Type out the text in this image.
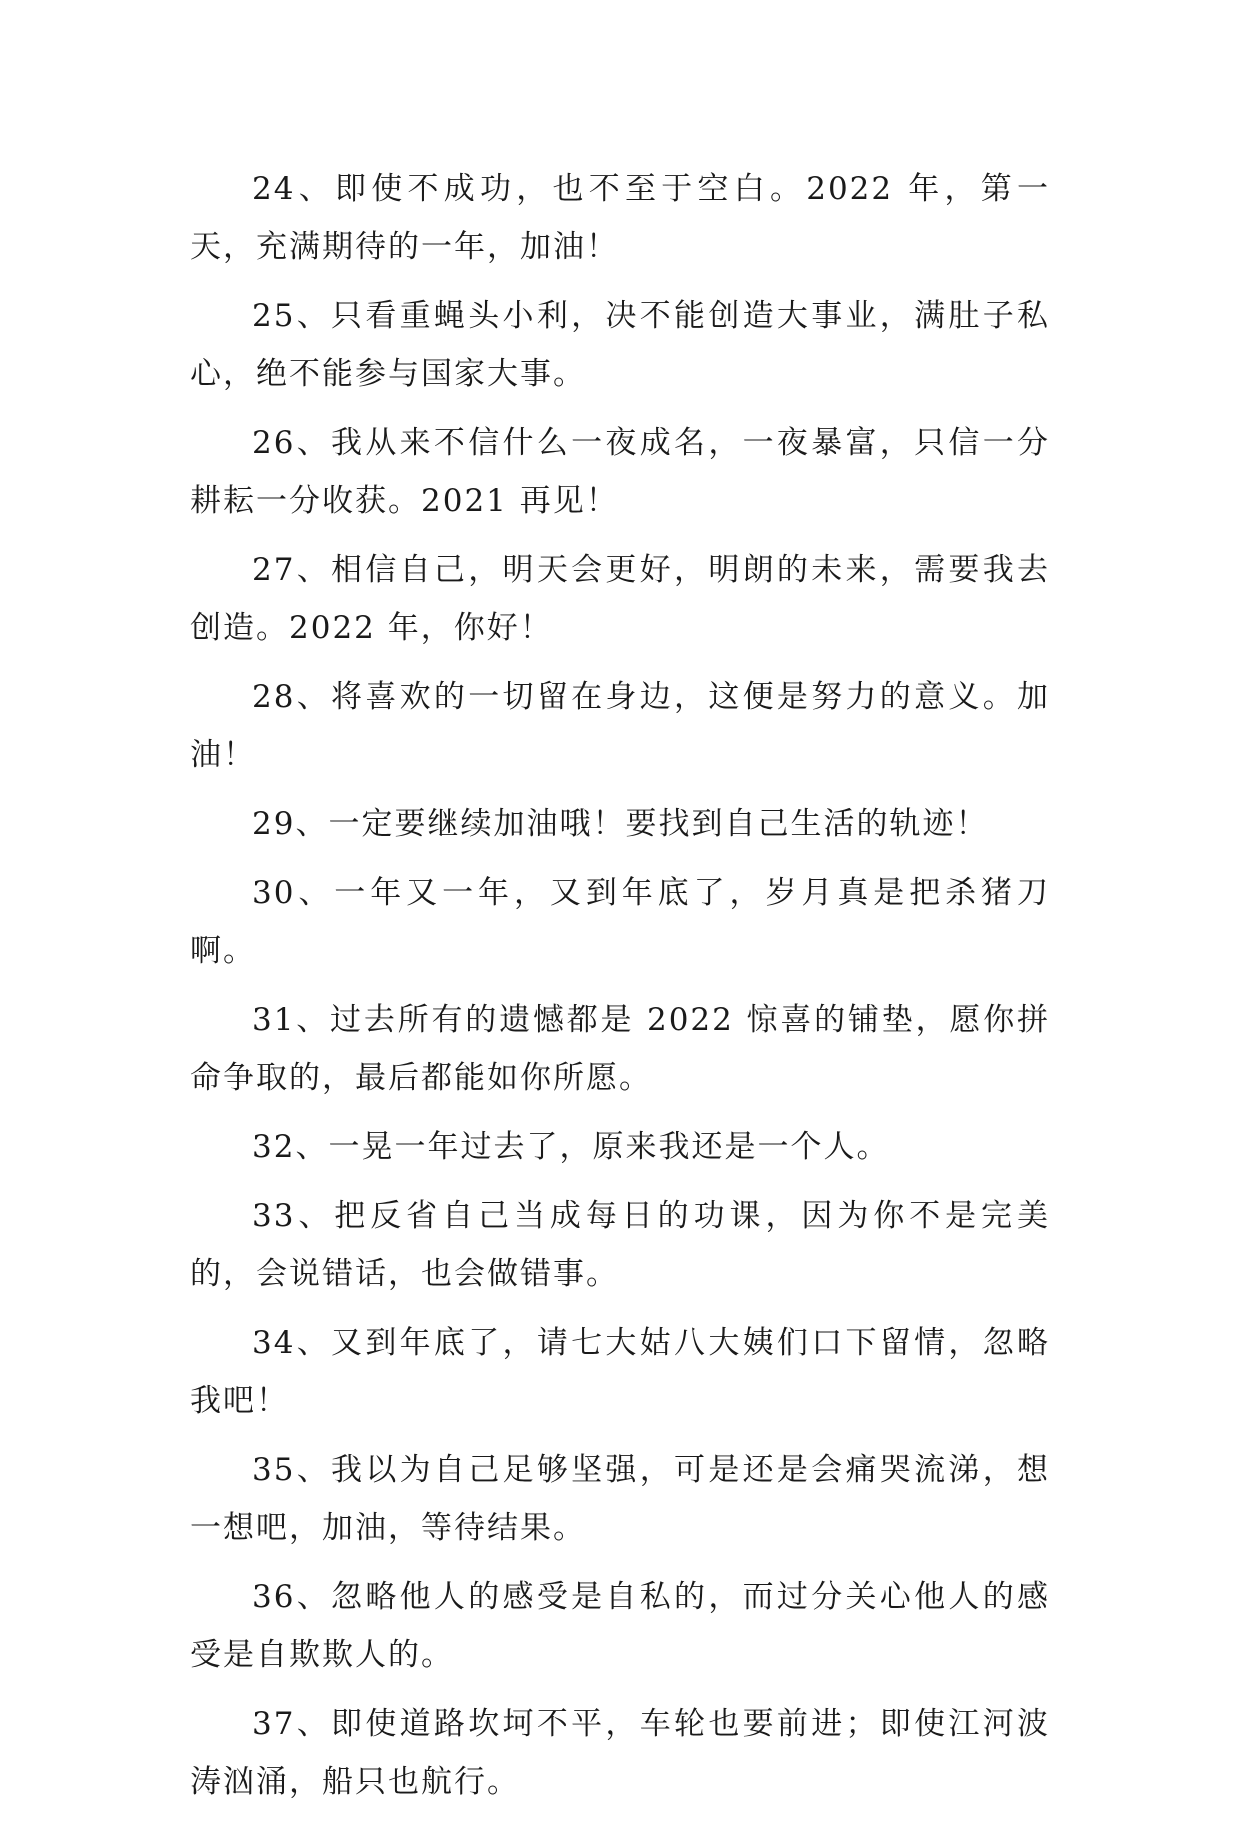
24、即使不成功，也不至于空白。2022 年，第一天，充满期待的一年，加油！

25、只看重蝇头小利，决不能创造大事业，满肚子私心，绝不能参与国家大事。

26、我从来不信什么一夜成名，一夜暴富，只信一分耕耘一分收获。2021 再见！

27、相信自己，明天会更好，明朗的未来，需要我去创造。2022 年，你好！

28、将喜欢的一切留在身边，这便是努力的意义。加油！

29、一定要继续加油哦！要找到自己生活的轨迹！

30、一年又一年，又到年底了，岁月真是把杀猪刀啊。

31、过去所有的遗憾都是 2022 惊喜的铺垫，愿你拼命争取的，最后都能如你所愿。

32、一晃一年过去了，原来我还是一个人。

33、把反省自己当成每日的功课，因为你不是完美的，会说错话，也会做错事。

34、又到年底了，请七大姑八大姨们口下留情，忽略我吧！

35、我以为自己足够坚强，可是还是会痛哭流涕，想一想吧，加油，等待结果。

36、忽略他人的感受是自私的，而过分关心他人的感受是自欺欺人的。

37、即使道路坎坷不平，车轮也要前进；即使江河波涛汹涌，船只也航行。
